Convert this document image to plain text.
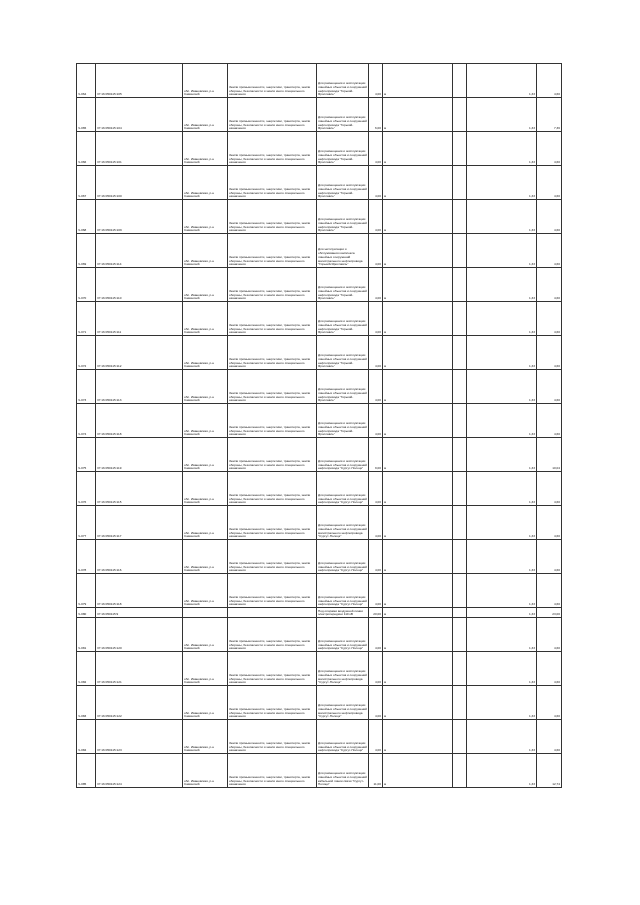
Ч-064	37:16:050115:105	обл. Ивановская, р-н Савинский	Земли промышленности, энергетики, транспорта, земли обороны, безопасности и земли иного специального назначения	Для размещения и эксплуатации линейных объектов и сооружений нефтепровода "Горький-Ярославль"	4,00	м		1,33	4,60
Ч-065	37:16:050115:104	обл. Ивановская, р-н Савинский	Земли промышленности, энергетики, транспорта, земли обороны, безопасности и земли иного специального назначения	Для размещения и эксплуатации линейных объектов и сооружений нефтепровода "Горький-Ярославль"	6,00	м		1,33	7,36
Ч-066	37:16:050115:101	обл. Ивановская, р-н Савинский	Земли промышленности, энергетики, транспорта, земли обороны, безопасности и земли иного специального назначения	Для размещения и эксплуатации линейных объектов и сооружений нефтепровода "Горький-Ярославль"	4,00	м		1,33	4,60
Ч-067	37:16:050115:100	обл. Ивановская, р-н Савинский	Земли промышленности, энергетики, транспорта, земли обороны, безопасности и земли иного специального назначения	Для размещения и эксплуатации линейных объектов и сооружений нефтепровода "Горький-Ярославль"	4,00	м		1,33	4,60
Ч-068	37:16:050115:109	обл. Ивановская, р-н Савинский	Земли промышленности, энергетики, транспорта, земли обороны, безопасности и земли иного специального назначения	Для размещения и эксплуатации линейных объектов и сооружений нефтепровода "Горький-Ярославль"	4,00	м		1,33	4,60
Ч-069	37:16:050115:114	обл. Ивановская, р-н Савинский	Земли промышленности, энергетики, транспорта, земли обороны, безопасности и земли иного специального назначения	Для эксплуатации и обслуживания комплекса линейных сооружений магистрального нефтепровода "Горький-Ярославль"	4,00	м		1,33	4,60
Ч-070	37:16:050115:110	обл. Ивановская, р-н Савинский	Земли промышленности, энергетики, транспорта, земли обороны, безопасности и земли иного специального назначения	Для размещения и эксплуатации линейных объектов и сооружений нефтепровода "Горький-Ярославль"	4,00	м		1,33	4,60
Ч-071	37:16:050115:111	обл. Ивановская, р-н Савинский	Земли промышленности, энергетики, транспорта, земли обороны, безопасности и земли иного специального назначения	Для размещения и эксплуатации линейных объектов и сооружений нефтепровода "Горький-Ярославль"	4,00	м		1,33	4,60
Ч-072	37:16:050115:112	обл. Ивановская, р-н Савинский	Земли промышленности, энергетики, транспорта, земли обороны, безопасности и земли иного специального назначения	Для размещения и эксплуатации линейных объектов и сооружений нефтепровода "Горький-Ярославль"	4,00	м		1,33	4,60
Ч-073	37:16:050115:113	обл. Ивановская, р-н Савинский	Земли промышленности, энергетики, транспорта, земли обороны, безопасности и земли иного специального назначения	Для размещения и эксплуатации линейных объектов и сооружений нефтепровода "Горький-Ярославль"	4,00	м		1,33	4,60
Ч-074	37:16:050115:118	обл. Ивановская, р-н Савинский	Земли промышленности, энергетики, транспорта, земли обороны, безопасности и земли иного специального назначения	Для размещения и эксплуатации линейных объектов и сооружений нефтепровода "Горький-Ярославль"	4,00	м		1,33	4,60
Ч-075	37:16:050115:119	обл. Ивановская, р-н Савинский	Земли промышленности, энергетики, транспорта, земли обороны, безопасности и земли иного специального назначения	Для размещения и эксплуатации линейных объектов и сооружений нефтепровода "Сургут-Полоцк"	9,00	м		1,33	10,04
Ч-076	37:16:050115:115	обл. Ивановская, р-н Савинский	Земли промышленности, энергетики, транспорта, земли обороны, безопасности и земли иного специального назначения	Для размещения и эксплуатации линейных объектов и сооружений нефтепровода "Сургут-Полоцк"	4,00	м		1,33	4,60
Ч-077	37:16:050115:117	обл. Ивановская, р-н Савинский	Земли промышленности, энергетики, транспорта, земли обороны, безопасности и земли иного специального назначения	Для размещения и эксплуатации линейных объектов и сооружений магистрального нефтепровода "Сургут-Полоцк"	4,00	м		1,33	4,60
Ч-078	37:16:050115:116	обл. Ивановская, р-н Савинский	Земли промышленности, энергетики, транспорта, земли обороны, безопасности и земли иного специального назначения	Для размещения и эксплуатации линейных объектов и сооружений нефтепровода "Сургут-Полоцк"	4,00	м		1,33	4,60
Ч-079	37:16:050115:118	обл. Ивановская, р-н Савинский	Земли промышленности, энергетики, транспорта, земли обороны, безопасности и земли иного специального назначения	Для размещения и эксплуатации линейных объектов и сооружений нефтепровода "Сургут-Полоцк"	4,00	м		1,33	4,60
Ч-080	37:16:050115:9			Под опорами воздушной линии электропередачи 110 кВ	20,00	м		1,33	23,00
Ч-081	37:16:050115:120	обл. Ивановская, р-н Савинский	Земли промышленности, энергетики, транспорта, земли обороны, безопасности и земли иного специального назначения	Для размещения и эксплуатации линейных объектов и сооружений нефтепровода "Сургут-Полоцк"	4,00	м		1,33	4,60
Ч-082	37:16:050115:121	обл. Ивановская, р-н Савинский	Земли промышленности, энергетики, транспорта, земли обороны, безопасности и земли иного специального назначения	Для размещения и эксплуатации линейных объектов и сооружений магистрального нефтепровода "Сургут-Полоцк"	4,00	м		1,33	4,60
Ч-083	37:16:050115:122	обл. Ивановская, р-н Савинский	Земли промышленности, энергетики, транспорта, земли обороны, безопасности и земли иного специального назначения	Для размещения и эксплуатации линейных объектов и сооружений магистрального нефтепровода "Сургут-Полоцк"	4,00	м		1,33	4,60
Ч-084	37:16:050115:123	обл. Ивановская, р-н Савинский	Земли промышленности, энергетики, транспорта, земли обороны, безопасности и земли иного специального назначения	Для размещения и эксплуатации линейных объектов и сооружений нефтепровода "Сургут-Полоцк"	4,00	м		1,33	4,60
Ч-085	37:16:050115:124	обл. Ивановская, р-н Савинский	Земли промышленности, энергетики, транспорта, земли обороны, безопасности и земли иного специального назначения	Для размещения и эксплуатации линейных объектов и сооружений кабельной линии связи "Сургут-Полоцк"	11,00	м		1,33	12,74
